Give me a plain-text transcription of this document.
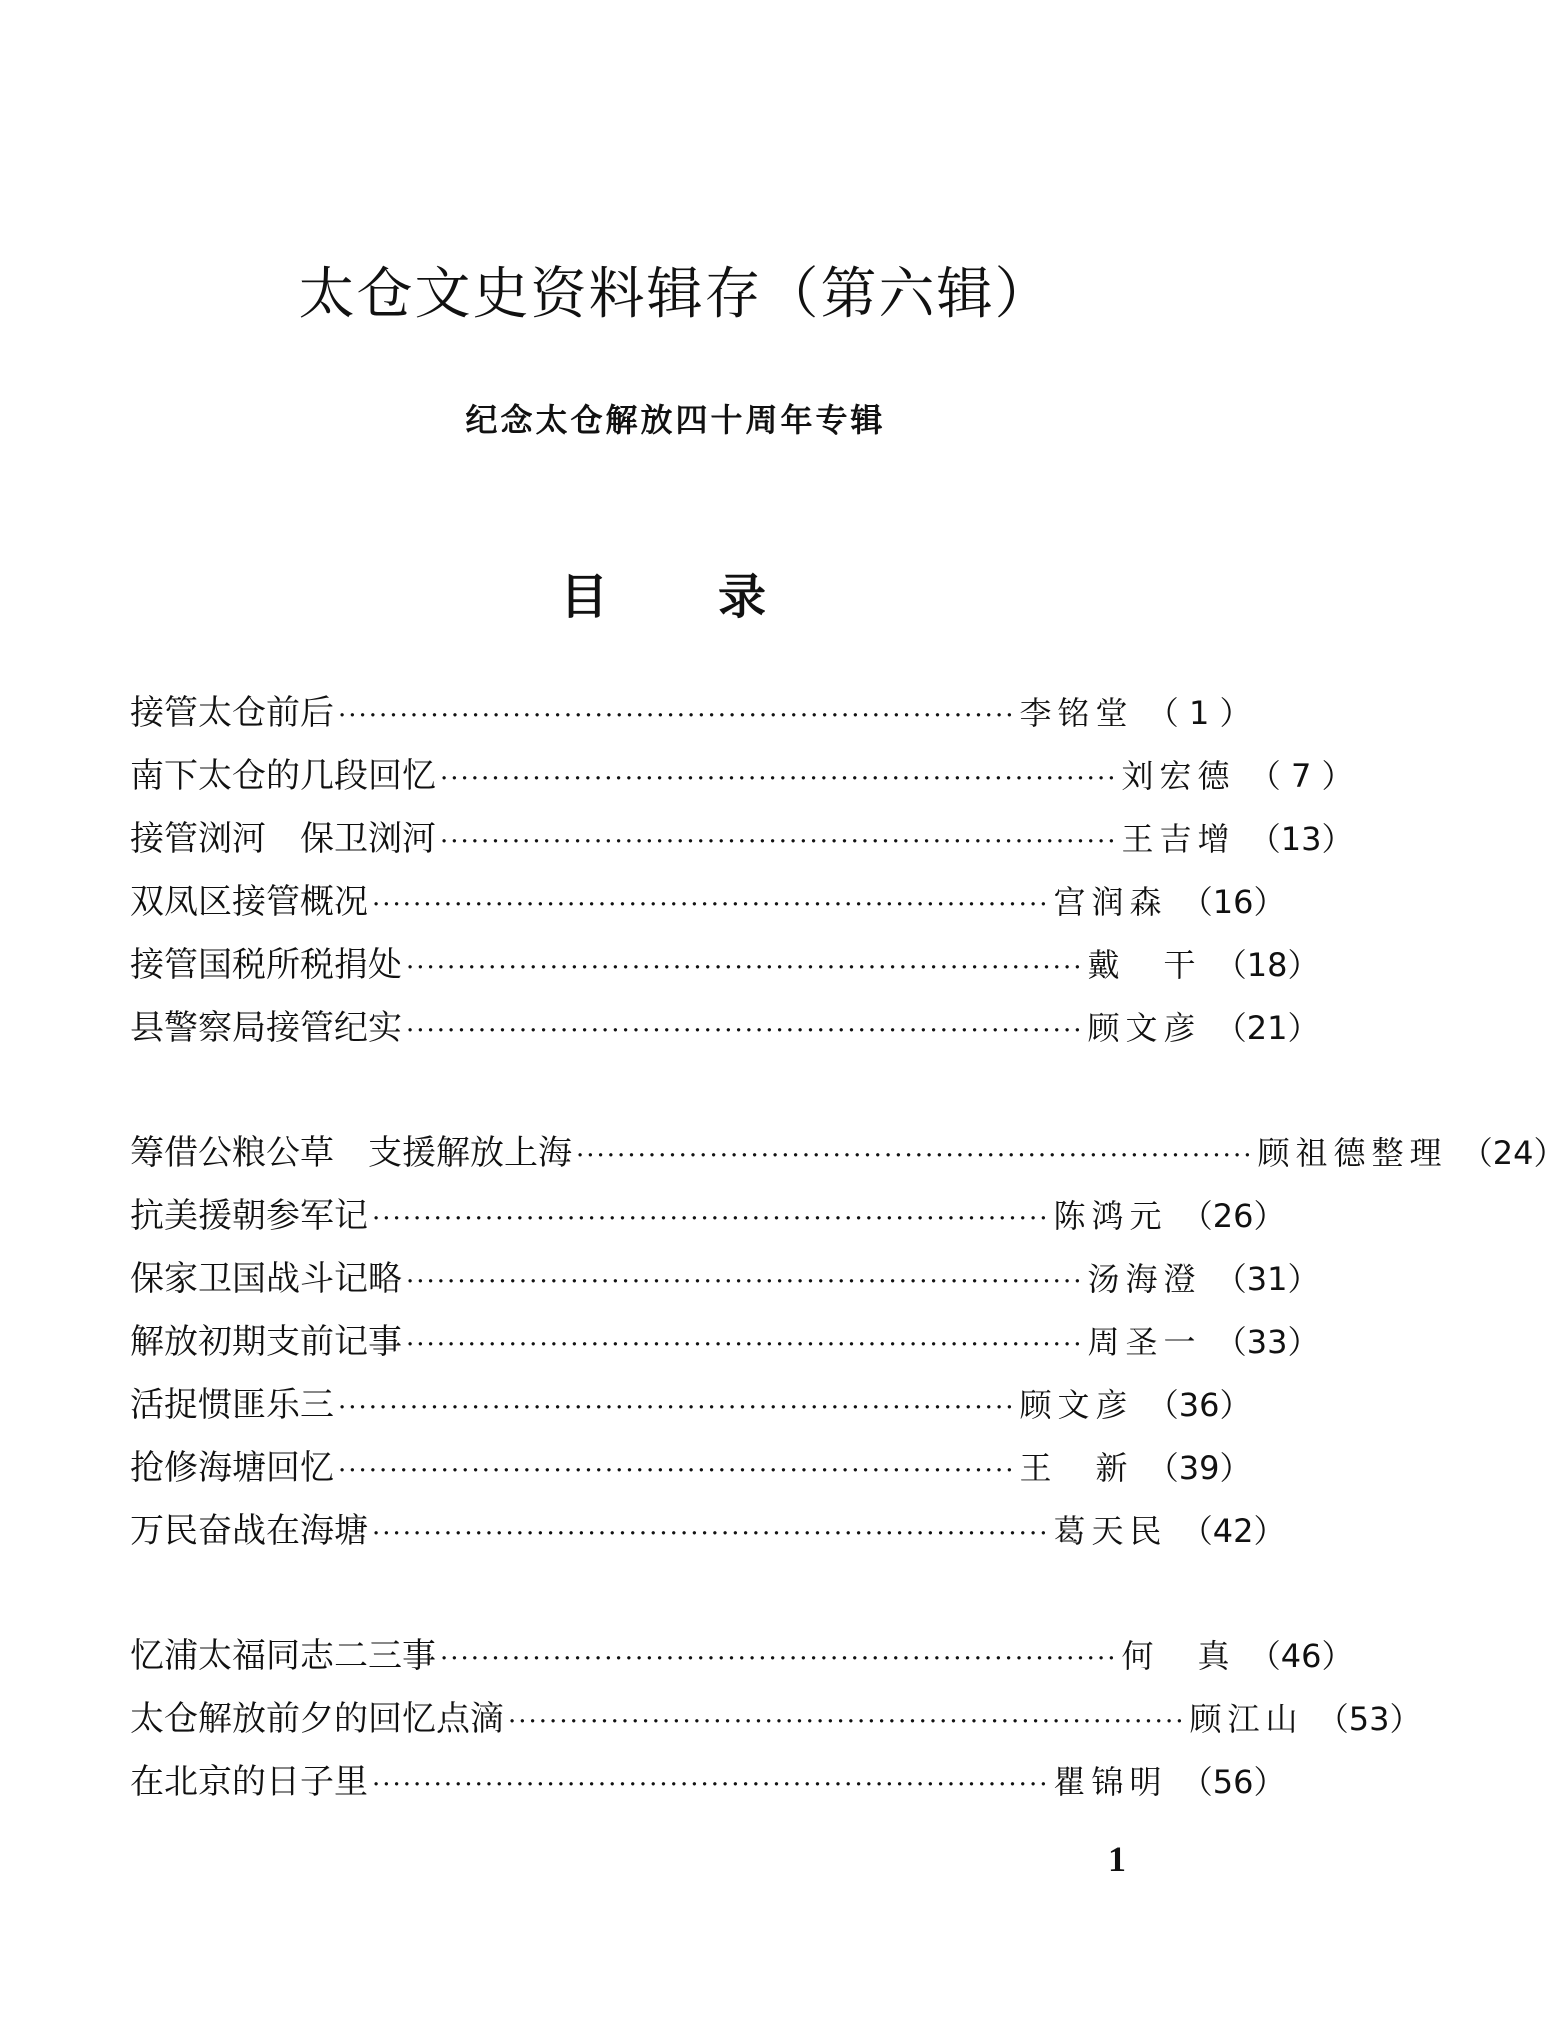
太仓文史资料辑存（第六辑）
纪念太仓解放四十周年专辑
目 录
接管太仓前后 ·································································· 李铭堂 （ 1 ）
南下太仓的几段回忆 ·································································· 刘宏德 （ 7 ）
接管浏河　保卫浏河 ·································································· 王吉增 （13）
双凤区接管概况 ·································································· 宫润森 （16）
接管国税所税捐处 ·································································· 戴　干 （18）
县警察局接管纪实 ·································································· 顾文彦 （21）
筹借公粮公草　支援解放上海 ·································································· 顾祖德整理 （24）
抗美援朝参军记 ·································································· 陈鸿元 （26）
保家卫国战斗记略 ·································································· 汤海澄 （31）
解放初期支前记事 ·································································· 周圣一 （33）
活捉惯匪乐三 ·································································· 顾文彦 （36）
抢修海塘回忆 ·································································· 王　新 （39）
万民奋战在海塘 ·································································· 葛天民 （42）
忆浦太福同志二三事 ·································································· 何　真 （46）
太仓解放前夕的回忆点滴 ·································································· 顾江山 （53）
在北京的日子里 ·································································· 瞿锦明 （56）
1
